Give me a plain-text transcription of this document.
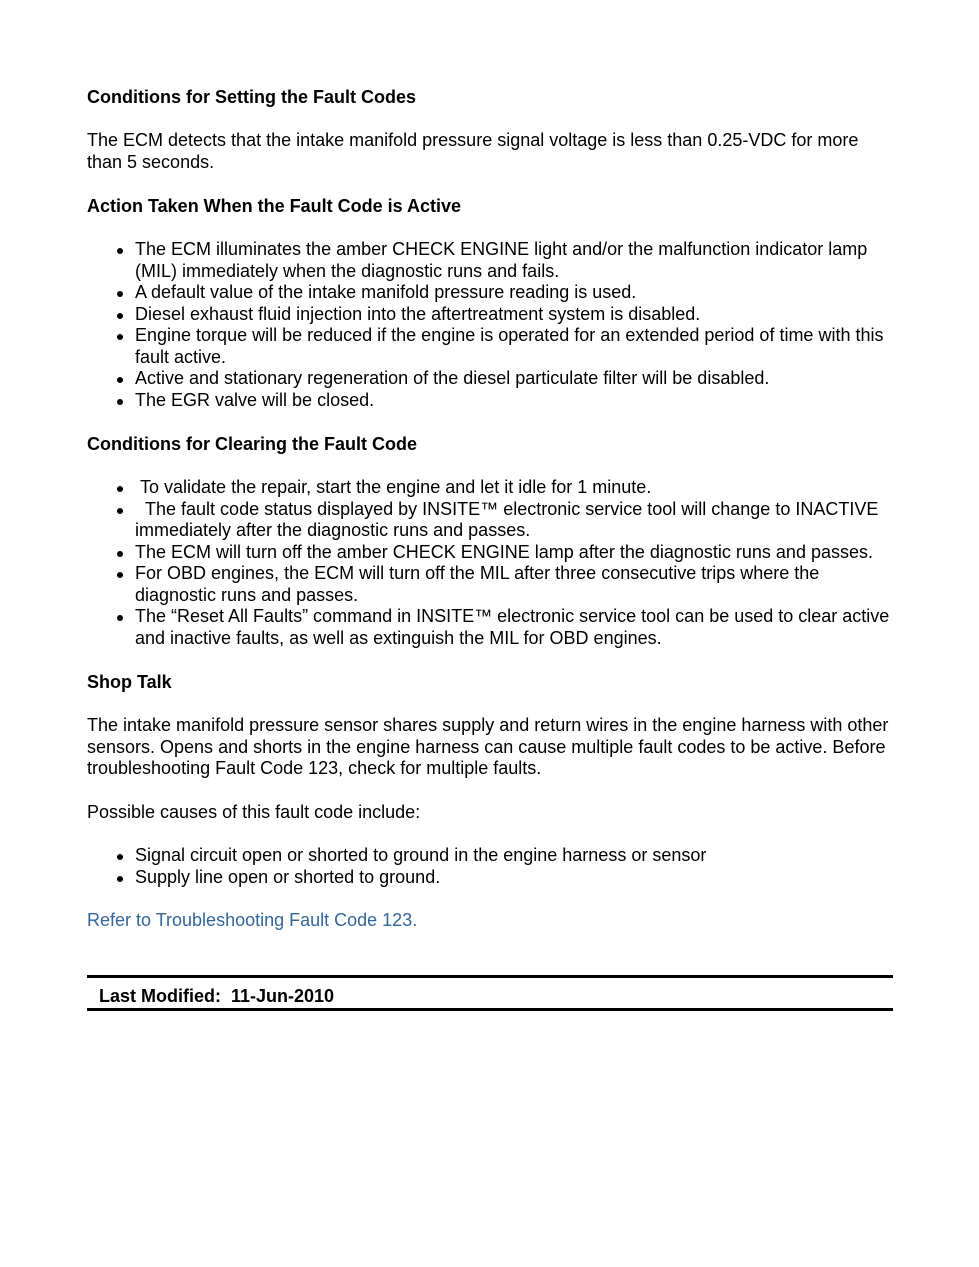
Conditions for Setting the Fault Codes

The ECM detects that the intake manifold pressure signal voltage is less than 0.25-VDC for more than 5 seconds.

Action Taken When the Fault Code is Active
The ECM illuminates the amber CHECK ENGINE light and/or the malfunction indicator lamp (MIL) immediately when the diagnostic runs and fails.
A default value of the intake manifold pressure reading is used.
Diesel exhaust fluid injection into the aftertreatment system is disabled.
Engine torque will be reduced if the engine is operated for an extended period of time with this fault active.
Active and stationary regeneration of the diesel particulate filter will be disabled.
The EGR valve will be closed.
Conditions for Clearing the Fault Code
To validate the repair, start the engine and let it idle for 1 minute.
The fault code status displayed by INSITE™ electronic service tool will change to INACTIVE immediately after the diagnostic runs and passes.
The ECM will turn off the amber CHECK ENGINE lamp after the diagnostic runs and passes.
For OBD engines, the ECM will turn off the MIL after three consecutive trips where the diagnostic runs and passes.
The “Reset All Faults” command in INSITE™ electronic service tool can be used to clear active and inactive faults, as well as extinguish the MIL for OBD engines.
Shop Talk

The intake manifold pressure sensor shares supply and return wires in the engine harness with other sensors. Opens and shorts in the engine harness can cause multiple fault codes to be active. Before troubleshooting Fault Code 123, check for multiple faults.

Possible causes of this fault code include:

Signal circuit open or shorted to ground in the engine harness or sensor
Supply line open or shorted to ground.

Refer to Troubleshooting Fault Code 123.

Last Modified:  11-Jun-2010
